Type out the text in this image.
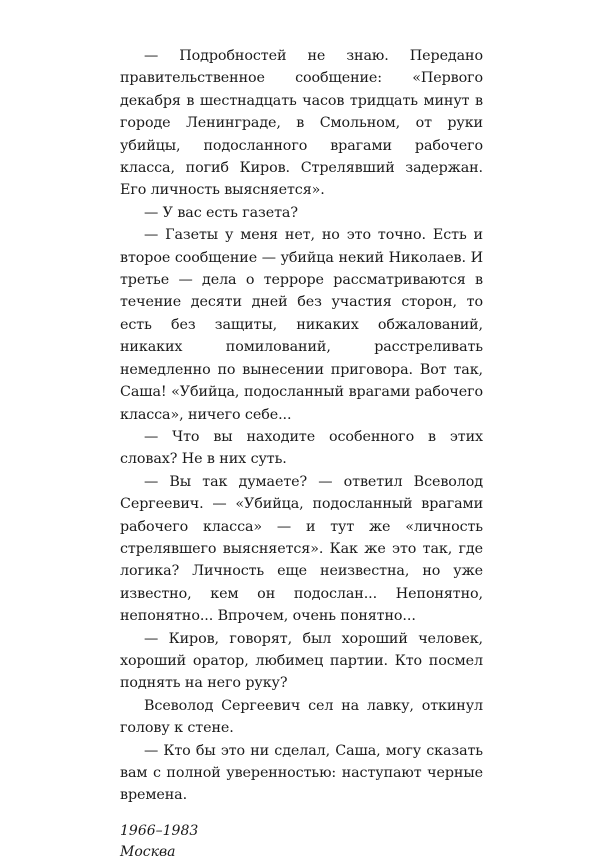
— Подробностей не знаю. Передано правительственное сообщение: «Первого декабря в шестнадцать часов тридцать минут в городе Ленинграде, в Смольном, от руки убийцы, подосланного врагами рабочего класса, погиб Киров. Стрелявший задержан. Его личность выясняется».

— У вас есть газета?

— Газеты у меня нет, но это точно. Есть и второе сообщение — убийца некий Николаев. И третье — дела о терроре рассматриваются в течение десяти дней без участия сторон, то есть без защиты, никаких обжалований, никаких помилований, расстреливать немедленно по вынесении приговора. Вот так, Саша! «Убийца, подосланный врагами рабочего класса», ничего себе...

— Что вы находите особенного в этих словах? Не в них суть.

— Вы так думаете? — ответил Всеволод Сергеевич. — «Убийца, подосланный врагами рабочего класса» — и тут же «личность стрелявшего выясняется». Как же это так, где логика? Личность еще неизвестна, но уже известно, кем он подослан... Непонятно, непонятно... Впрочем, очень понятно...

— Киров, говорят, был хороший человек, хороший оратор, любимец партии. Кто посмел поднять на него руку?

Всеволод Сергеевич сел на лавку, откинул голову к стене.

— Кто бы это ни сделал, Саша, могу сказать вам с полной уверенностью: наступают черные времена.

1966–1983
Москва
